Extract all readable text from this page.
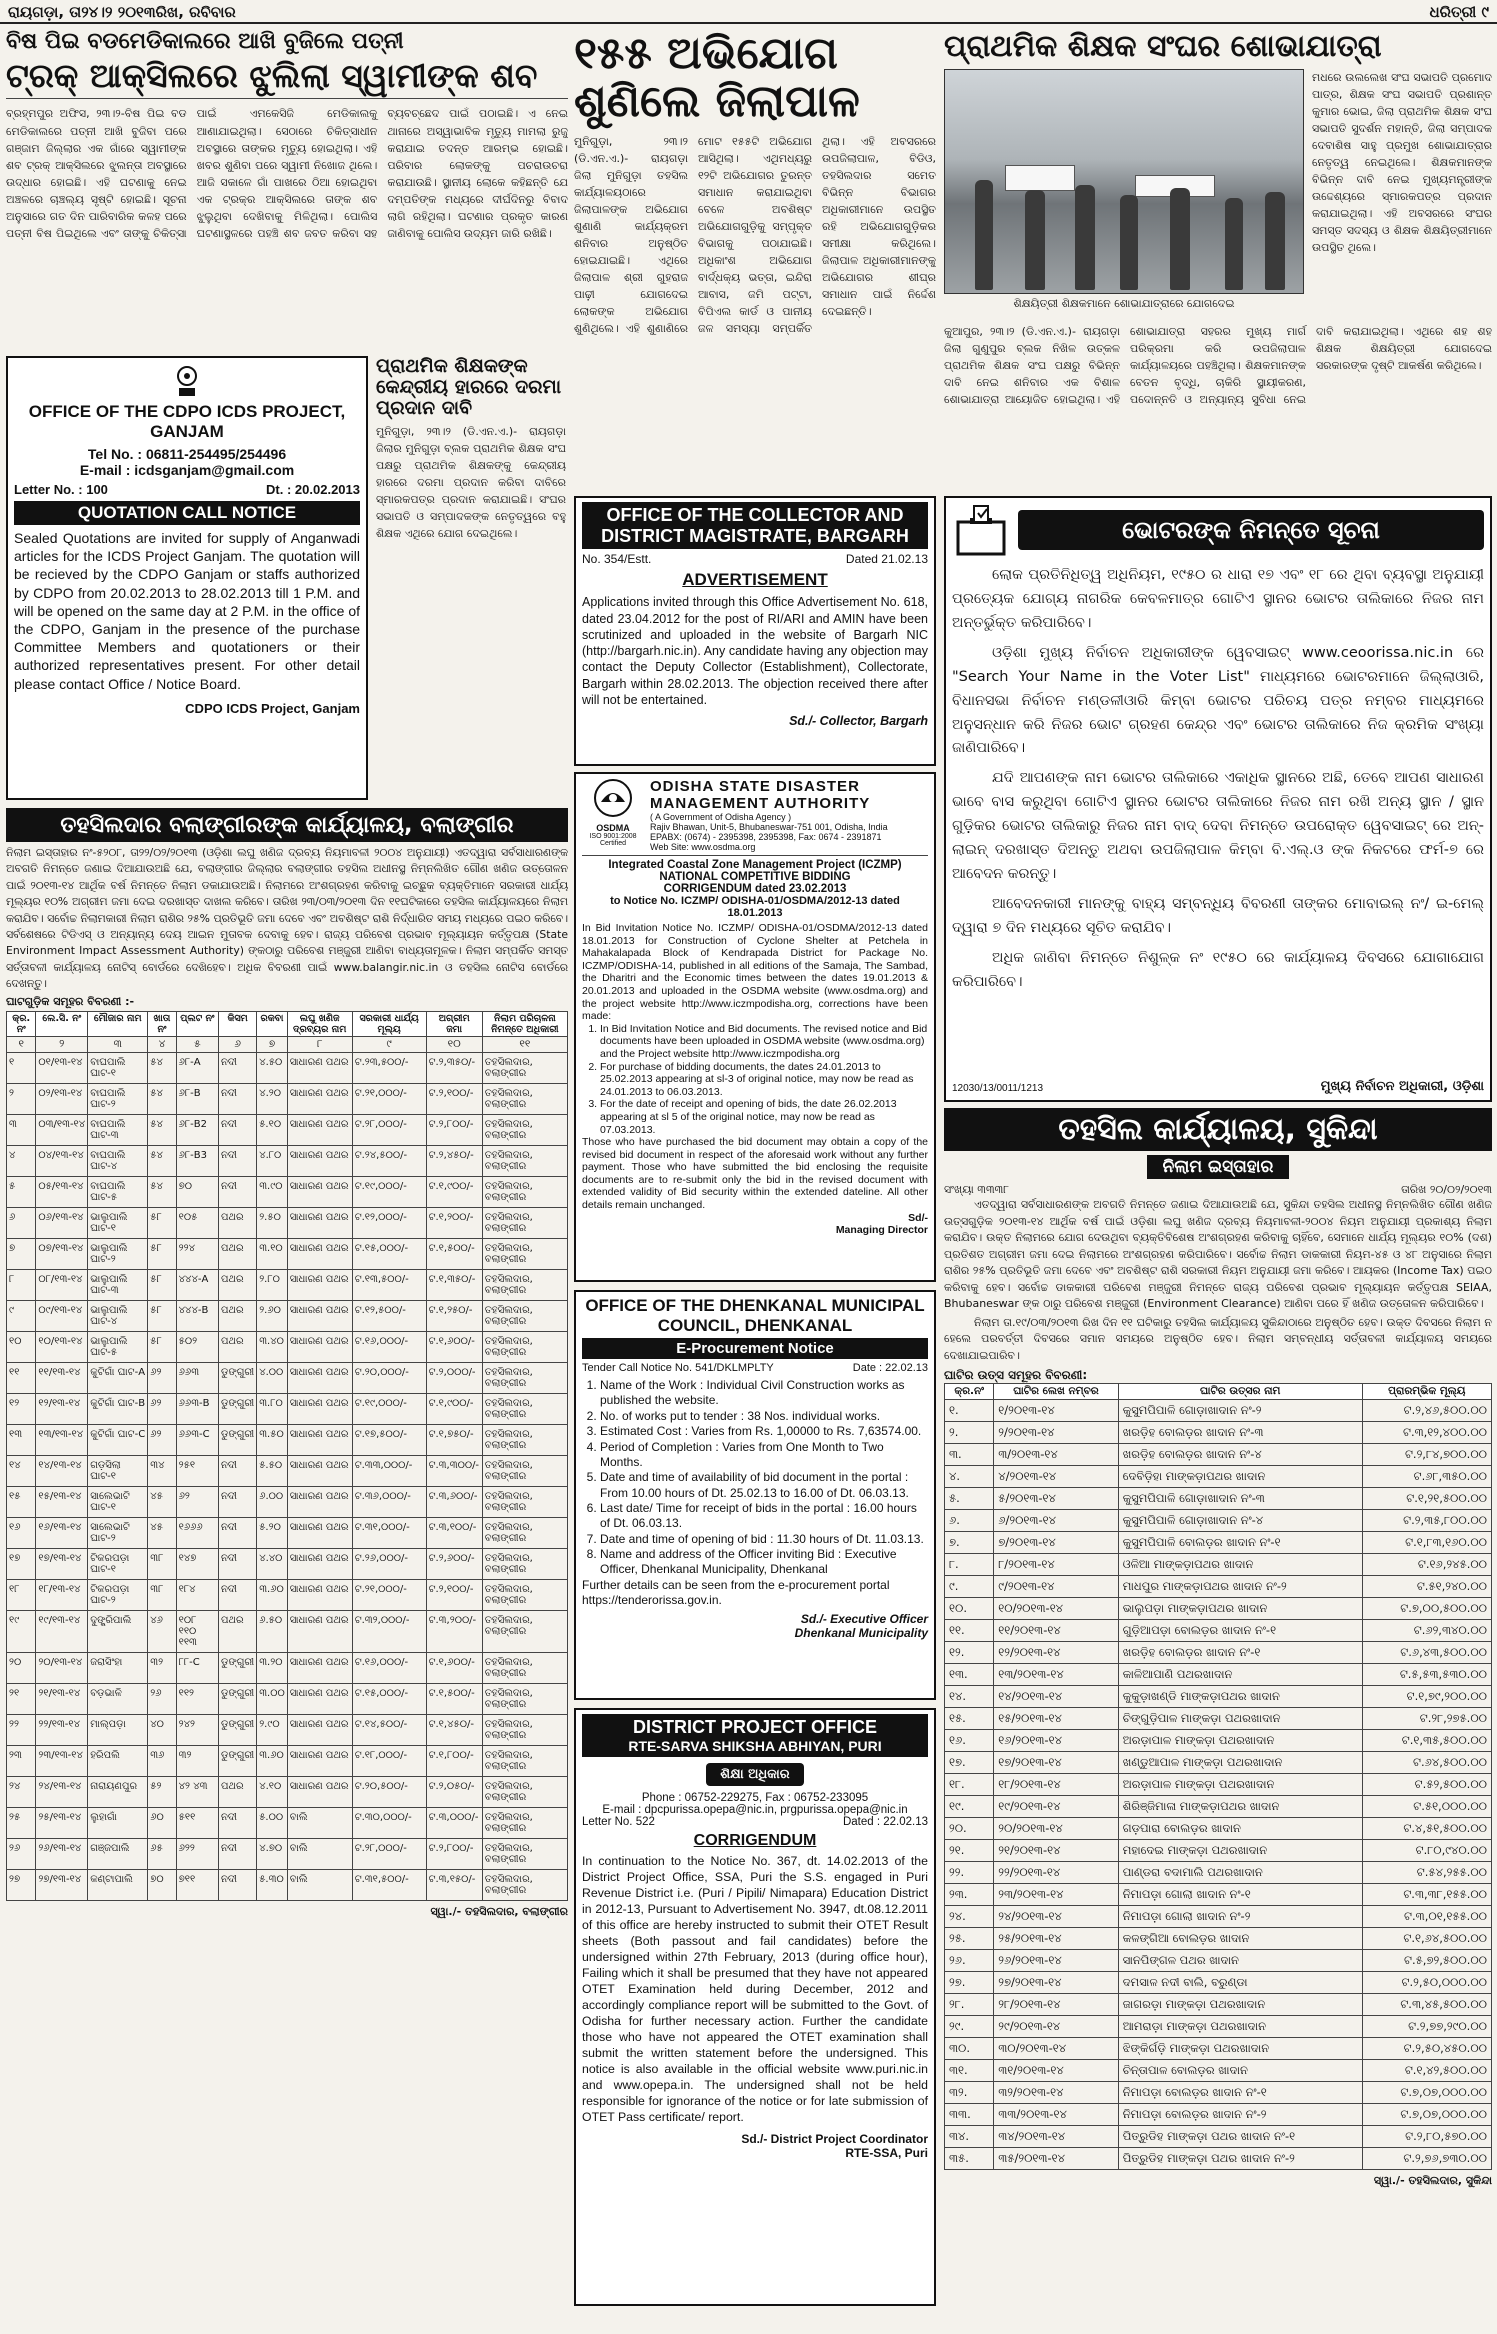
ରାୟଗଡ଼ା, ତା୨୪।୨ ୨୦୧୩ରିଖ, ରବିବାର	ଧରିତ୍ରୀ ୯
ବିଷ ପିଇ ବଡମେଡିକାଲରେ ଆଖି ବୁଜିଲେ ପତ୍ନୀ
ଟ୍ରକ୍ ଆକ୍ସିଲରେ ଝୁଲିଲା ସ୍ୱାମୀଙ୍କ ଶବ
ବ୍ରହ୍ମପୁର ଅଫିସ, ୨୩।୨-ବିଷ ପିଇ ବଡ ମେଡିକାଲରେ ପତ୍ନୀ ଆଖି ବୁଜିବା ପରେ ଗଞ୍ଜାମ ଜିଲ୍ଲାର ଏକ ଗାଁରେ ସ୍ୱାମୀଙ୍କ ଶବ ଟ୍ରକ୍ ଆକ୍ସିଲରେ ଝୁଲନ୍ତା ଅବସ୍ଥାରେ ଉଦ୍ଧାର ହୋଇଛି। ଏହି ଘଟଣାକୁ ନେଇ ଅଞ୍ଚଳରେ ଚାଞ୍ଚଲ୍ୟ ସୃଷ୍ଟି ହୋଇଛି। ସୂଚନା ଅନୁସାରେ ଗତ ଦିନ ପାରିବାରିକ କଳହ ପରେ ପତ୍ନୀ ବିଷ ପିଇଥିଲେ ଏବଂ ତାଙ୍କୁ ଚିକିତ୍ସା ପାଇଁ ଏମକେସିଜି ମେଡିକାଲକୁ ଆଣାଯାଇଥିଲା। ସେଠାରେ ଚିକିତ୍ସାଧୀନ ଅବସ୍ଥାରେ ତାଙ୍କର ମୃତ୍ୟୁ ହୋଇଥିଲା। ଏହି ଖବର ଶୁଣିବା ପରେ ସ୍ୱାମୀ ନିଖୋଜ ଥିଲେ। ଆଜି ସକାଳେ ଗାଁ ପାଖରେ ଠିଆ ହୋଇଥିବା ଏକ ଟ୍ରକ୍‌ର ଆକ୍ସିଲରେ ତାଙ୍କ ଶବ ଝୁଲୁଥିବା ଦେଖିବାକୁ ମିଳିଥିଲା। ପୋଲିସ ଘଟଣାସ୍ଥଳରେ ପହଞ୍ଚି ଶବ ଜବତ କରିବା ସହ ବ୍ୟବଚ୍ଛେଦ ପାଇଁ ପଠାଇଛି। ଏ ନେଇ ଥାନାରେ ଅସ୍ୱାଭାବିକ ମୃତ୍ୟୁ ମାମଲା ରୁଜୁ କରାଯାଇ ତଦନ୍ତ ଆରମ୍ଭ ହୋଇଛି। ପରିବାର ଲୋକଙ୍କୁ ପଚରାଉଚରା କରାଯାଉଛି। ସ୍ଥାନୀୟ ଲୋକେ କହିଛନ୍ତି ଯେ ଦମ୍ପତିଙ୍କ ମଧ୍ୟରେ ଦୀର୍ଘଦିନରୁ ବିବାଦ ଲାଗି ରହିଥିଲା। ଘଟଣାର ପ୍ରକୃତ କାରଣ ଜାଣିବାକୁ ପୋଲିସ ଉଦ୍ୟମ ଜାରି ରଖିଛି।
OFFICE OF THE CDPO ICDS PROJECT, GANJAM
Tel No. : 06811-254495/254496
E-mail : icdsganjam@gmail.com
Letter No. : 100	Dt. : 20.02.2013
QUOTATION CALL NOTICE
Sealed Quotations are invited for supply of Anganwadi articles for the ICDS Project Ganjam. The quotation will be recieved by the CDPO Ganjam or staffs authorized by CDPO from 20.02.2013 to 28.02.2013 till 1 P.M. and will be opened on the same day at 2 P.M. in the office of the CDPO, Ganjam in the presence of the purchase Committee Members and quotationers or their authorized representatives present. For other detail please contact Office / Notice Board.
CDPO ICDS Project, Ganjam
ପ୍ରାଥମିକ ଶିକ୍ଷକଙ୍କ କେନ୍ଦ୍ରୀୟ ହାରରେ ଦରମା ପ୍ରଦାନ ଦାବି
ମୁନିଗୁଡ଼ା, ୨୩।୨ (ଡି.ଏନ.ଏ.)- ରାୟଗଡ଼ା ଜିଲାର ମୁନିଗୁଡ଼ା ବ୍ଲକ ପ୍ରାଥମିକ ଶିକ୍ଷକ ସଂଘ ପକ୍ଷରୁ ପ୍ରାଥମିକ ଶିକ୍ଷକଙ୍କୁ କେନ୍ଦ୍ରୀୟ ହାରରେ ଦରମା ପ୍ରଦାନ କରିବା ଦାବିରେ ସ୍ମାରକପତ୍ର ପ୍ରଦାନ କରାଯାଇଛି। ସଂଘର ସଭାପତି ଓ ସମ୍ପାଦକଙ୍କ ନେତୃତ୍ୱରେ ବହୁ ଶିକ୍ଷକ ଏଥିରେ ଯୋଗ ଦେଇଥିଲେ।
୧୫୫ ଅଭିଯୋଗ
ଶୁଣିଲେ ଜିଲାପାଳ
ମୁନିଗୁଡ଼ା, ୨୩।୨ (ଡି.ଏନ.ଏ.)- ରାୟଗଡ଼ା ଜିଲା ମୁନିଗୁଡ଼ା ତହସିଲ କାର୍ଯ୍ୟାଳୟଠାରେ ଜିଲାପାଳଙ୍କ ଅଭିଯୋଗ ଶୁଣାଣି କାର୍ଯ୍ୟକ୍ରମ ଶନିବାର ଅନୁଷ୍ଠିତ ହୋଇଯାଇଛି। ଏଥିରେ ଜିଲାପାଳ ଶ୍ରୀ ଗୁହରାଜ ପାଢ଼ୀ ଯୋଗଦେଇ ଲୋକଙ୍କ ଅଭିଯୋଗ ଶୁଣିଥିଲେ। ଏହି ଶୁଣାଣିରେ ମୋଟ ୧୫୫ଟି ଅଭିଯୋଗ ଆସିଥିଲା। ଏଥିମଧ୍ୟରୁ ୧୨ଟି ଅଭିଯୋଗର ତୁରନ୍ତ ସମାଧାନ କରାଯାଇଥିବା ବେଳେ ଅବଶିଷ୍ଟ ଅଭିଯୋଗଗୁଡ଼ିକୁ ସମ୍ପୃକ୍ତ ବିଭାଗକୁ ପଠାଯାଇଛି। ଅଧିକାଂଶ ଅଭିଯୋଗ ବାର୍ଦ୍ଧକ୍ୟ ଭତ୍ତା, ଇନ୍ଦିରା ଆବାସ, ଜମି ପଟ୍ଟା, ବିପିଏଲ କାର୍ଡ ଓ ପାନୀୟ ଜଳ ସମସ୍ୟା ସମ୍ପର୍କିତ ଥିଲା। ଏହି ଅବସରରେ ଉପଜିଲାପାଳ, ବିଡିଓ, ତହସିଲଦାର ସମେତ ବିଭିନ୍ନ ବିଭାଗର ଅଧିକାରୀମାନେ ଉପସ୍ଥିତ ରହି ଅଭିଯୋଗଗୁଡ଼ିକର ସମୀକ୍ଷା କରିଥିଲେ। ଜିଲାପାଳ ଅଧିକାରୀମାନଙ୍କୁ ଅଭିଯୋଗର ଶୀଘ୍ର ସମାଧାନ ପାଇଁ ନିର୍ଦ୍ଦେଶ ଦେଇଛନ୍ତି।
ପ୍ରାଥମିକ ଶିକ୍ଷକ ସଂଘର ଶୋଭାଯାତ୍ରା
ଶିକ୍ଷୟିତ୍ରୀ ଶିକ୍ଷକମାନେ ଶୋଭାଯାତ୍ରାରେ ଯୋଗଦେଇ
ମଧରେ ଉଲଲେଖ ସଂଘ ସଭାପତି ପ୍ରମୋଦ ପାତ୍ର, ଶିକ୍ଷକ ସଂଘ ସଭାପତି ପ୍ରଶାନ୍ତ କୁମାର ଭୋଇ, ଜିଲା ପ୍ରାଥମିକ ଶିକ୍ଷକ ସଂଘ ସଭାପତି ସୁଦର୍ଶନ ମହାନ୍ତି, ଜିଲା ସମ୍ପାଦକ ଦେବାଶିଷ ସାହୁ ପ୍ରମୁଖ ଶୋଭାଯାତ୍ରାର ନେତୃତ୍ୱ ନେଇଥିଲେ। ଶିକ୍ଷକମାନଙ୍କ ବିଭିନ୍ନ ଦାବି ନେଇ ମୁଖ୍ୟମନ୍ତ୍ରୀଙ୍କ ଉଦ୍ଦେଶ୍ୟରେ ସ୍ମାରକପତ୍ର ପ୍ରଦାନ କରାଯାଇଥିଲା। ଏହି ଅବସରରେ ସଂଘର ସମସ୍ତ ସଦସ୍ୟ ଓ ଶିକ୍ଷକ ଶିକ୍ଷୟିତ୍ରୀମାନେ ଉପସ୍ଥିତ ଥିଲେ।
କୁଆପୁର, ୨୩।୨ (ଡି.ଏନ.ଏ.)- ରାୟଗଡ଼ା ଜିଲା ଗୁଣୁପୁର ବ୍ଲକ ନିଖିଳ ଉତ୍କଳ ପ୍ରାଥମିକ ଶିକ୍ଷକ ସଂଘ ପକ୍ଷରୁ ବିଭିନ୍ନ ଦାବି ନେଇ ଶନିବାର ଏକ ବିଶାଳ ଶୋଭାଯାତ୍ରା ଆୟୋଜିତ ହୋଇଥିଲା। ଏହି ଶୋଭାଯାତ୍ରା ସହରର ମୁଖ୍ୟ ମାର୍ଗ ପରିକ୍ରମା କରି ଉପଜିଲାପାଳ କାର୍ଯ୍ୟାଳୟରେ ପହଞ୍ଚିଥିଲା। ଶିକ୍ଷକମାନଙ୍କ ବେତନ ବୃଦ୍ଧି, ଚାକିରି ସ୍ଥାୟୀକରଣ, ପଦୋନ୍ନତି ଓ ଅନ୍ୟାନ୍ୟ ସୁବିଧା ନେଇ ଦାବି କରାଯାଇଥିଲା। ଏଥିରେ ଶହ ଶହ ଶିକ୍ଷକ ଶିକ୍ଷୟିତ୍ରୀ ଯୋଗଦେଇ ସରକାରଙ୍କ ଦୃଷ୍ଟି ଆକର୍ଷଣ କରିଥିଲେ।
OFFICE OF THE COLLECTOR AND DISTRICT MAGISTRATE, BARGARH
No. 354/Estt.	Dated 21.02.13
ADVERTISEMENT
Applications invited through this Office Advertisement No. 618, dated 23.04.2012 for the post of RI/ARI and AMIN have been scrutinized and uploaded in the website of Bargarh NIC (http://bargarh.nic.in). Any candidate having any objection may contact the Deputy Collector (Establishment), Collectorate, Bargarh within 28.02.2013. The objection received there after will not be entertained.
Sd./- Collector, Bargarh
OSDMA
ISO 9001:2008 Certified
ODISHA STATE DISASTER
MANAGEMENT AUTHORITY
( A Government of Odisha Agency )
Rajiv Bhawan, Unit-5, Bhubaneswar-751 001, Odisha, India
EPABX: (0674) - 2395398, 2395398, Fax: 0674 - 2391871
Web Site: www.osdma.org
Integrated Coastal Zone Management Project (ICZMP)
NATIONAL COMPETITIVE BIDDING
CORRIGENDUM dated 23.02.2013
to Notice No. ICZMP/ ODISHA-01/OSDMA/2012-13 dated 18.01.2013
In Bid Invitation Notice No. ICZMP/ ODISHA-01/OSDMA/2012-13 dated 18.01.2013 for Construction of Cyclone Shelter at Petchela in Mahakalapada Block of Kendrapada District for Package No. ICZMP/ODISHA-14, published in all editions of the Samaja, The Sambad, the Dharitri and the Economic times between the dates 19.01.2013 & 20.01.2013 and uploaded in the OSDMA website (www.osdma.org) and the project website http://www.iczmpodisha.org, corrections have been made:
1. In Bid Invitation Notice and Bid documents. The revised notice and Bid documents have been uploaded in OSDMA website (www.osdma.org) and the Project website http://www.iczmpodisha.org
2. For purchase of bidding documents, the dates 24.01.2013 to 25.02.2013 appearing at sl-3 of original notice, may now be read as 24.01.2013 to 06.03.2013.
3. For the date of receipt and opening of bids, the date 26.02.2013 appearing at sl 5 of the original notice, may now be read as 07.03.2013.
Those who have purchased the bid document may obtain a copy of the revised bid document in respect of the aforesaid work without any further payment. Those who have submitted the bid enclosing the requisite documents are to re-submit only the bid in the revised document with extended validity of Bid security within the extended dateline. All other details remain unchanged.
Sd/-
Managing Director
OFFICE OF THE DHENKANAL MUNICIPAL COUNCIL, DHENKANAL
E-Procurement Notice
Tender Call Notice No. 541/DKLMPLTY	Date : 22.02.13
1. Name of the Work : Individual Civil Construction works as published the website.
2. No. of works put to tender : 38 Nos. individual works.
3. Estimated Cost : Varies from Rs. 1,00000 to Rs. 7,63574.00.
4. Period of Completion : Varies from One Month to Two Months.
5. Date and time of availability of bid document in the portal : From 10.00 hours of Dt. 25.02.13 to 16.00 of Dt. 06.03.13.
6. Last date/ Time for receipt of bids in the portal : 16.00 hours of Dt. 06.03.13.
7. Date and time of opening of bid : 11.30 hours of Dt. 11.03.13.
8. Name and address of the Officer inviting Bid : Executive Officer, Dhenkanal Municipality, Dhenkanal
Further details can be seen from the e-procurement portal https://tenderorissa.gov.in.
Sd./- Executive Officer
Dhenkanal Municipality
DISTRICT PROJECT OFFICE
RTE-SARVA SHIKSHA ABHIYAN, PURI
ଶିକ୍ଷା ଅଧିକାର
Phone : 06752-229275, Fax : 06752-233095
E-mail : dpcpurissa.opepa@nic.in, prgpurissa.opepa@nic.in
Letter No. 522	Dated : 22.02.13
CORRIGENDUM
In continuation to the Notice No. 367, dt. 14.02.2013 of the District Project Office, SSA, Puri the S.S. engaged in Puri Revenue District i.e. (Puri / Pipili/ Nimapara) Education District in 2012-13, Pursuant to Advertisement No. 3947, dt.08.12.2011 of this office are hereby instructed to submit their OTET Result sheets (Both passout and fail candidates) before the undersigned within 27th February, 2013 (during office hour), Failing which it shall be presumed that they have not appeared OTET Examination held during December, 2012 and accordingly compliance report will be submitted to the Govt. of Odisha for further necessary action. Further the candidate those who have not appeared the OTET examination shall submit the written statement before the undersigned. This notice is also available in the official website www.puri.nic.in and www.opepa.in. The undersigned shall not be held responsible for ignorance of the notice or for late submission of OTET Pass certificate/ report.
Sd./- District Project Coordinator
RTE-SSA, Puri
ଭୋଟରଙ୍କ ନିମନ୍ତେ ସୂଚନା
ଲୋକ ପ୍ରତିନିଧିତ୍ୱ ଅଧିନିୟମ, ୧୯୫୦ ର ଧାରା ୧୭ ଏବଂ ୧୮ ରେ ଥିବା ବ୍ୟବସ୍ଥା ଅନୁଯାୟୀ ପ୍ରତ୍ୟେକ ଯୋଗ୍ୟ ନାଗରିକ କେବଳମାତ୍ର ଗୋଟିଏ ସ୍ଥାନର ଭୋଟର ତାଲିକାରେ ନିଜର ନାମ ଅନ୍ତର୍ଭୁକ୍ତ କରିପାରିବେ।
ଓଡ଼ିଶା ମୁଖ୍ୟ ନିର୍ବାଚନ ଅଧିକାରୀଙ୍କ ୱେବସାଇଟ୍ www.ceoorissa.nic.in ରେ "Search Your Name in the Voter List" ମାଧ୍ୟମରେ ଭୋଟରମାନେ ଜିଲ୍ଲାଓାରି, ବିଧାନସଭା ନିର୍ବାଚନ ମଣ୍ଡଳୀଓାରି କିମ୍ବା ଭୋଟର ପରିଚୟ ପତ୍ର ନମ୍ବର ମାଧ୍ୟମରେ ଅନୁସନ୍ଧାନ କରି ନିଜର ଭୋଟ ଗ୍ରହଣ କେନ୍ଦ୍ର ଏବଂ ଭୋଟର ତାଲିକାରେ ନିଜ କ୍ରମିକ ସଂଖ୍ୟା ଜାଣିପାରିବେ।
ଯଦି ଆପଣଙ୍କ ନାମ ଭୋଟର ତାଲିକାରେ ଏକାଧିକ ସ୍ଥାନରେ ଅଛି, ତେବେ ଆପଣ ସାଧାରଣ ଭାବେ ବାସ କରୁଥିବା ଗୋଟିଏ ସ୍ଥାନର ଭୋଟର ତାଲିକାରେ ନିଜର ନାମ ରଖି ଅନ୍ୟ ସ୍ଥାନ / ସ୍ଥାନ ଗୁଡ଼ିକର ଭୋଟର ତାଲିକାରୁ ନିଜର ନାମ ବାଦ୍ ଦେବା ନିମନ୍ତେ ଉପରୋକ୍ତ ୱେବସାଇଟ୍ ରେ ଅନ୍-ଲାଇନ୍ ଦରଖାସ୍ତ ଦିଅନ୍ତୁ ଅଥବା ଉପଜିଲାପାଳ କିମ୍ବା ବି.ଏଲ୍.ଓ ଙ୍କ ନିକଟରେ ଫର୍ମ-୭ ରେ ଆବେଦନ କରନ୍ତୁ।
ଆବେଦନକାରୀ ମାନଙ୍କୁ ବାହ୍ୟ ସମ୍ବନ୍ଧିୟ ବିବରଣୀ ତାଙ୍କର ମୋବାଇଲ୍ ନଂ/ ଇ-ମେଲ୍ ଦ୍ୱାରା ୭ ଦିନ ମଧ୍ୟରେ ସୂଚିତ କରାଯିବ।
ଅଧିକ ଜାଣିବା ନିମନ୍ତେ ନିଶୁଳ୍କ ନଂ ୧୯୫୦ ରେ କାର୍ଯ୍ୟାଳୟ ଦିବସରେ ଯୋଗାଯୋଗ କରିପାରିବେ।
12030/13/0011/1213	ମୁଖ୍ୟ ନିର୍ବାଚନ ଅଧିକାରୀ, ଓଡ଼ିଶା
ତହସିଲ କାର୍ଯ୍ୟାଳୟ, ସୁକିନ୍ଦା
ନିଲାମ ଇସ୍ତାହାର
ସଂଖ୍ୟା ୩୩୩୮	ତାରିଖ ୨୦/୦୨/୨୦୧୩
ଏତଦ୍ୱାରା ସର୍ବସାଧାରଣଙ୍କ ଅବଗତି ନିମନ୍ତେ ଜଣାଇ ଦିଆଯାଉଅଛି ଯେ, ସୁକିନ୍ଦା ତହସିଲ ଅଧୀନସ୍ଥ ନିମ୍ନଲିଖିତ ଗୌଣ ଖଣିଜ ଉତ୍ସଗୁଡ଼ିକ ୨୦୧୩-୧୪ ଆର୍ଥିକ ବର୍ଷ ପାଇଁ ଓଡ଼ିଶା ଲଘୁ ଖଣିଜ ଦ୍ରବ୍ୟ ନିୟମାବଳୀ-୨୦୦୪ ନିୟମ ଅନୁଯାୟୀ ପ୍ରକାଶ୍ୟ ନିଲାମ କରାଯିବ। ଉକ୍ତ ନିଲାମରେ ଯୋଗ ଦେଉଥିବା ବ୍ୟକ୍ତିବିଶେଷ ଅଂଶଗ୍ରହଣ କରିବାକୁ ଚାହିଁବେ, ସେମାନେ ଧାର୍ଯ୍ୟ ମୂଲ୍ୟର ୧୦% (ଦଶ) ପ୍ରତିଶତ ଅଗ୍ରୀମ ଜମା ଦେଇ ନିଲାମରେ ଅଂଶଗ୍ରହଣ କରିପାରିବେ। ସର୍ବୋଚ୍ଚ ନିଲାମ ଡାକକାରୀ ନିୟମ-୪୫ ଓ ୪୮ ଅନୁସାରେ ନିଲାମ ରାଶିର ୨୫% ପ୍ରତିଭୂତି ଜମା ଦେବେ ଏବଂ ଅବଶିଷ୍ଟ ରାଶି ସରକାରୀ ନିୟମ ଅନୁଯାୟୀ ଜମା କରିବେ। ଆୟକର (Income Tax) ପଇଠ କରିବାକୁ ହେବ। ସର୍ବୋଚ୍ଚ ଡାକକାରୀ ପରିବେଶ ମଞ୍ଜୁରୀ ନିମନ୍ତେ ରାଜ୍ୟ ପରିବେଶ ପ୍ରଭାବ ମୂଲ୍ୟାୟନ କର୍ତ୍ତୃପକ୍ଷ SEIAA, Bhubaneswar ଙ୍କ ଠାରୁ ପରିବେଶ ମଞ୍ଜୁରୀ (Environment Clearance) ଆଣିବା ପରେ ହିଁ ଖଣିଜ ଉତ୍ତୋଳନ କରିପାରିବେ।
ନିଲାମ ତା.୧୯/୦୩/୨୦୧୩ ରିଖ ଦିନ ୧୧ ଘଟିକାରୁ ତହସିଲ କାର୍ଯ୍ୟାଳୟ ସୁକିନ୍ଦାଠାରେ ଅନୁଷ୍ଠିତ ହେବ। ଉକ୍ତ ଦିବସରେ ନିଲାମ ନ ହେଲେ ପରବର୍ତ୍ତୀ ଦିବସରେ ସମାନ ସମୟରେ ଅନୁଷ୍ଠିତ ହେବ। ନିଲାମ ସମ୍ବନ୍ଧୀୟ ସର୍ତ୍ତାବଳୀ କାର୍ଯ୍ୟାଳୟ ସମୟରେ ଦେଖାଯାଇପାରିବ।
ଘାଟିର ଉତ୍ସ ସମୂହର ବିବରଣୀ:
କ୍ର.ନଂ	ଘାଟିର ଲେଖ ନମ୍ବର	ଘାଟିର ଉତ୍ସର ନାମ	ପ୍ରାରମ୍ଭିକ ମୂଲ୍ୟ
୧.	୧/୨୦୧୩-୧୪	କୁସୁମପିପାଳି ଗୋଡ଼ାଖାଦାନ ନଂ-୨	ଟ.୨,୪୬,୫୦୦.୦୦
୨.	୨/୨୦୧୩-୧୪	ଖରଡ଼ିହ ବୋଲଡ଼ର ଖାଦାନ ନଂ-୩	ଟ.୩,୧୨,୪୦୦.୦୦
୩.	୩/୨୦୧୩-୧୪	ଖରଡ଼ିହ ବୋଲଡ଼ର ଖାଦାନ ନଂ-୪	ଟ.୨,୮୪,୭୦୦.୦୦
୪.	୪/୨୦୧୩-୧୪	ଦେବିଡ଼ିହା ମାଙ୍କଡ଼ାପଥର ଖାଦାନ	ଟ.୬୮,୩୫୦.୦୦
୫.	୫/୨୦୧୩-୧୪	କୁସୁମପିପାଳି ଗୋଡ଼ାଖାଦାନ ନଂ-୩	ଟ.୧,୨୧,୫୦୦.୦୦
୬.	୬/୨୦୧୩-୧୪	କୁସୁମପିପାଳି ଗୋଡ଼ାଖାଦାନ ନଂ-୪	ଟ.୨,୩୫,୮୦୦.୦୦
୭.	୭/୨୦୧୩-୧୪	କୁସୁମପିପାଳି ବୋଲଡ଼ର ଖାଦାନ ନଂ-୧	ଟ.୧,୮୩,୧୬୦.୦୦
୮.	୮/୨୦୧୩-୧୪	ଓଳିଆ ମାଙ୍କଡ଼ାପଥର ଖାଦାନ	ଟ.୧୬,୨୪୫.୦୦
୯.	୯/୨୦୧୩-୧୪	ମାଧପୁର ମାଙ୍କଡ଼ାପଥର ଖାଦାନ ନଂ-୨	ଟ.୫୧,୨୪୦.୦୦
୧୦.	୧୦/୨୦୧୩-୧୪	ଭାଲୁପଡ଼ା ମାଙ୍କଡ଼ାପଥର ଖାଦାନ	ଟ.୭,୦୦,୫୦୦.୦୦
୧୧.	୧୧/୨୦୧୩-୧୪	ଗୁଡ଼ିଆପଡ଼ା ବୋଲଡ଼ର ଖାଦାନ ନଂ-୧	ଟ.୬୨,୩୪୦.୦୦
୧୨.	୧୨/୨୦୧୩-୧୪	ଖରଡ଼ିହ ବୋଲଡ଼ର ଖାଦାନ ନଂ-୧	ଟ.୬,୪୩,୫୦୦.୦୦
୧୩.	୧୩/୨୦୧୩-୧୪	କାଳିଆପାଣି ପଥରଖାଦାନ	ଟ.୫,୫୩,୫୩୦.୦୦
୧୪.	୧୪/୨୦୧୩-୧୪	କୁକୁଡ଼ାଖଣ୍ଡି ମାଙ୍କଡ଼ାପଥର ଖାଦାନ	ଟ.୧,୭୯,୨୦୦.୦୦
୧୫.	୧୫/୨୦୧୩-୧୪	ଚିଙ୍ଗୁଡ଼ିପାଳ ମାଙ୍କଡ଼ା ପଥରଖାଦାନ	ଟ.୨୮,୨୭୫.୦୦
୧୬.	୧୬/୨୦୧୩-୧୪	ଅରଡ଼ାପାଳ ମାଙ୍କଡ଼ା ପଥରଖାଦାନ	ଟ.୧,୩୫,୫୦୦.୦୦
୧୭.	୧୭/୨୦୧୩-୧୪	ଖଣ୍ଡୁଆପାଳ ମାଙ୍କଡ଼ା ପଥରଖାଦାନ	ଟ.୬୪,୫୦୦.୦୦
୧୮.	୧୮/୨୦୧୩-୧୪	ଅରଡ଼ାପାଳ ମାଙ୍କଡ଼ା ପଥରଖାଦାନ	ଟ.୫୨,୫୦୦.୦୦
୧୯.	୧୯/୨୦୧୩-୧୪	ଶିରିଞ୍ଜିମାଳା ମାଙ୍କଡ଼ାପଥର ଖାଦାନ	ଟ.୫୧,୦୦୦.୦୦
୨୦.	୨୦/୨୦୧୩-୧୪	ଗଡ଼ପାରା ବୋଲଡ଼ର ଖାଦାନ	ଟ.୪,୫୧,୫୦୦.୦୦
୨୧.	୨୧/୨୦୧୩-୧୪	ମହାଦେଇ ମାଙ୍କଡ଼ା ପଥରଖାଦାନ	ଟ.୮୦,୯୪୦.୦୦
୨୨.	୨୨/୨୦୧୩-୧୪	ପାଣ୍ଡରା ବଦାମାଲି ପଥରଖାଦାନ	ଟ.୫୪,୨୫୫.୦୦
୨୩.	୨୩/୨୦୧୩-୧୪	ନିମାପଡ଼ା ଗୋଲା ଖାଦାନ ନଂ-୧	ଟ.୩,୩୮,୧୫୫.୦୦
୨୪.	୨୪/୨୦୧୩-୧୪	ନିମାପଡ଼ା ଗୋଲା ଖାଦାନ ନଂ-୨	ଟ.୩,୦୧,୧୫୫.୦୦
୨୫.	୨୫/୨୦୧୩-୧୪	କଳଙ୍ଗିଆ ବୋଲଡ଼ର ଖାଦାନ	ଟ.୧,୬୪,୫୦୦.୦୦
୨୬.	୨୬/୨୦୧୩-୧୪	ସାନପିଙ୍ଗଳ ପଥର ଖାଦାନ	ଟ.୫,୭୨,୫୦୦.୦୦
୨୭.	୨୭/୨୦୧୩-୧୪	ଦମସାଳ ନଦୀ ବାଲି, ବରୁଣ୍ଡା	ଟ.୨,୫୦,୦୦୦.୦୦
୨୮.	୨୮/୨୦୧୩-୧୪	ଜାଗରଡ଼ା ମାଙ୍କଡ଼ା ପଥରଖାଦାନ	ଟ.୩,୪୫,୫୦୦.୦୦
୨୯.	୨୯/୨୦୧୩-୧୪	ଆମରାଡ଼ା ମାଙ୍କଡ଼ା ପଥରଖାଦାନ	ଟ.୨,୭୭,୨୯୦.୦୦
୩୦.	୩୦/୨୦୧୩-୧୪	ଝିଙ୍କିର୍ଗଡ଼ି ମାଙ୍କଡ଼ା ପଥରଖାଦାନ	ଟ.୨,୫୦,୪୫୦.୦୦
୩୧.	୩୧/୨୦୧୩-୧୪	ଚିନ୍ତାପାଳ ବୋଲଡ଼ର ଖାଦାନ	ଟ.୧,୪୨,୫୦୦.୦୦
୩୨.	୩୨/୨୦୧୩-୧୪	ନିମାପଡ଼ା ବୋଲଡ଼ର ଖାଦାନ ନଂ-୧	ଟ.୭,୦୭,୦୦୦.୦୦
୩୩.	୩୩/୨୦୧୩-୧୪	ନିମାପଡ଼ା ବୋଲଡ଼ର ଖାଦାନ ନଂ-୨	ଟ.୭,୦୭,୦୦୦.୦୦
୩୪.	୩୪/୨୦୧୩-୧୪	ପିତ୍ରୁଡିହ ମାଙ୍କଡ଼ା ପଥର ଖାଦାନ ନଂ-୧	ଟ.୨,୮୦,୫୭୦.୦୦
୩୫.	୩୫/୨୦୧୩-୧୪	ପିତ୍ରୁଡିହ ମାଙ୍କଡ଼ା ପଥର ଖାଦାନ ନଂ-୨	ଟ.୨,୭୬,୭୩୦.୦୦
ସ୍ୱା./- ତହସିଲଦାର, ସୁକିନ୍ଦା
ତହସିଲଦାର ବଲାଙ୍ଗୀରଙ୍କ କାର୍ଯ୍ୟାଳୟ, ବଲାଙ୍ଗୀର
ନିଲାମ ଇସ୍ତାହାର ନଂ-୫୨୦୮, ତା୨୨/୦୨/୨୦୧୩ (ଓଡ଼ିଶା ଲଘୁ ଖଣିଜ ଦ୍ରବ୍ୟ ନିୟମାବଳୀ ୨୦୦୪ ଅନୁଯାୟୀ) ଏତଦ୍ୱାରା ସର୍ବସାଧାରଣଙ୍କ ଅବଗତି ନିମନ୍ତେ ଜଣାଇ ଦିଆଯାଉଅଛି ଯେ, ବଲାଙ୍ଗୀର ଜିଲ୍ଲାର ବଲାଙ୍ଗୀର ତହସିଲ ଅଧୀନସ୍ଥ ନିମ୍ନଲିଖିତ ଗୌଣ ଖଣିଜ ଉତ୍ତୋଳନ ପାଇଁ ୨୦୧୩-୧୪ ଆର୍ଥିକ ବର୍ଷ ନିମନ୍ତେ ନିଲାମ ଡକାଯାଉଅଛି। ନିଲାମରେ ଅଂଶଗ୍ରହଣ କରିବାକୁ ଇଚ୍ଛୁକ ବ୍ୟକ୍ତିମାନେ ସରକାରୀ ଧାର୍ଯ୍ୟ ମୂଲ୍ୟର ୧୦% ଅଗ୍ରୀମ ଜମା ଦେଇ ଦରଖାସ୍ତ ଦାଖଲ କରିବେ। ତାରିଖ ୨୩/୦୩/୨୦୧୩ ଦିନ ୧୧ଘଟିକାରେ ତହସିଲ କାର୍ଯ୍ୟାଳୟରେ ନିଲାମ କରାଯିବ। ସର୍ବୋଚ୍ଚ ନିଲାମକାରୀ ନିଲାମ ରାଶିର ୨୫% ପ୍ରତିଭୂତି ଜମା ଦେବେ ଏବଂ ଅବଶିଷ୍ଟ ରାଶି ନିର୍ଦ୍ଧାରିତ ସମୟ ମଧ୍ୟରେ ପଇଠ କରିବେ। ସର୍ବଶେଷରେ ଟିଡିଏସ୍ ଓ ଅନ୍ୟାନ୍ୟ ଦେୟ ଆଇନ ମୁତାବକ ଦେବାକୁ ହେବ। ରାଜ୍ୟ ପରିବେଶ ପ୍ରଭାବ ମୂଲ୍ୟାୟନ କର୍ତ୍ତୃପକ୍ଷ (State Environment Impact Assessment Authority) ଙ୍କଠାରୁ ପରିବେଶ ମଞ୍ଜୁରୀ ଆଣିବା ବାଧ୍ୟତାମୂଳକ। ନିଲାମ ସମ୍ପର୍କିତ ସମସ୍ତ ସର୍ତ୍ତାବଳୀ କାର୍ଯ୍ୟାଳୟ ନୋଟିସ୍ ବୋର୍ଡରେ ଦେଖିହେବ। ଅଧିକ ବିବରଣୀ ପାଇଁ www.balangir.nic.in ଓ ତହସିଲ ନୋଟିସ ବୋର୍ଡରେ ଦେଖନ୍ତୁ।
ଘାଟଗୁଡ଼ିକ ସମୂହର ବିବରଣୀ :-
କ୍ର. ନଂ	ଲେ.ସି. ନଂ	ମୌଜାର ନାମ	ଖାତା ନଂ	ପ୍ଲଟ ନଂ	କିସମ	ରକବା	ଲଘୁ ଖଣିଜ ଦ୍ରବ୍ୟର ନାମ	ସରକାରୀ ଧାର୍ଯ୍ୟ ମୂଲ୍ୟ	ଅଗ୍ରୀମ ଜମା	ନିଲାମ ପରିଚାଳନା ନିମନ୍ତେ ଅଧିକାରୀ
୧	୨	୩	୪	୫	୬	୭	୮	୯	୧୦	୧୧
୧	୦୧/୧୩-୧୪	ବାଘପାଲି ଘାଟ-୧	୫୪	୬୮-A	ନଦୀ	୪.୫୦	ସାଧାରଣ ପଥର	ଟ.୨୩,୫୦୦/-	ଟ.୨,୩୫୦/-	ତହସିଲଦାର, ବଲାଙ୍ଗୀର
୨	୦୨/୧୩-୧୪	ବାଘପାଲି ଘାଟ-୨	୫୪	୬୮-B	ନଦୀ	୪.୨୦	ସାଧାରଣ ପଥର	ଟ.୨୧,୦୦୦/-	ଟ.୨,୧୦୦/-	ତହସିଲଦାର, ବଲାଙ୍ଗୀର
୩	୦୩/୧୩-୧୪	ବାଘପାଲି ଘାଟ-୩	୫୪	୬୮-B2	ନଦୀ	୫.୧୦	ସାଧାରଣ ପଥର	ଟ.୨୮,୦୦୦/-	ଟ.୨,୮୦୦/-	ତହସିଲଦାର, ବଲାଙ୍ଗୀର
୪	୦୪/୧୩-୧୪	ବାଘପାଲି ଘାଟ-୪	୫୪	୬୮-B3	ନଦୀ	୪.୮୦	ସାଧାରଣ ପଥର	ଟ.୨୪,୫୦୦/-	ଟ.୨,୪୫୦/-	ତହସିଲଦାର, ବଲାଙ୍ଗୀର
୫	୦୫/୧୩-୧୪	ବାଘପାଲି ଘାଟ-୫	୫୪	୭୦	ନଦୀ	୩.୯୦	ସାଧାରଣ ପଥର	ଟ.୧୯,୦୦୦/-	ଟ.୧,୯୦୦/-	ତହସିଲଦାର, ବଲାଙ୍ଗୀର
୬	୦୬/୧୩-୧୪	ଭାଲୁପାଲି ଘାଟ-୧	୫୮	୧୦୫	ପଥର	୨.୫୦	ସାଧାରଣ ପଥର	ଟ.୧୨,୦୦୦/-	ଟ.୧,୨୦୦/-	ତହସିଲଦାର, ବଲାଙ୍ଗୀର
୭	୦୭/୧୩-୧୪	ଭାଲୁପାଲି ଘାଟ-୨	୫୮	୨୨୪	ପଥର	୩.୧୦	ସାଧାରଣ ପଥର	ଟ.୧୫,୦୦୦/-	ଟ.୧,୫୦୦/-	ତହସିଲଦାର, ବଲାଙ୍ଗୀର
୮	୦୮/୧୩-୧୪	ଭାଲୁପାଲି ଘାଟ-୩	୫୮	୪୪୪-A	ପଥର	୨.୮୦	ସାଧାରଣ ପଥର	ଟ.୧୩,୫୦୦/-	ଟ.୧,୩୫୦/-	ତହସିଲଦାର, ବଲାଙ୍ଗୀର
୯	୦୯/୧୩-୧୪	ଭାଲୁପାଲି ଘାଟ-୪	୫୮	୪୪୪-B	ପଥର	୨.୬୦	ସାଧାରଣ ପଥର	ଟ.୧୨,୫୦୦/-	ଟ.୧,୨୫୦/-	ତହସିଲଦାର, ବଲାଙ୍ଗୀର
୧୦	୧୦/୧୩-୧୪	ଭାଲୁପାଲି ଘାଟ-୫	୫୮	୫୦୨	ପଥର	୩.୪୦	ସାଧାରଣ ପଥର	ଟ.୧୬,୦୦୦/-	ଟ.୧,୬୦୦/-	ତହସିଲଦାର, ବଲାଙ୍ଗୀର
୧୧	୧୧/୧୩-୧୪	କୁଟିଗାଁ ଘାଟ-A	୬୨	୬୬୩	ଡୁଙ୍ଗୁରୀ	୪.୦୦	ସାଧାରଣ ପଥର	ଟ.୨୦,୦୦୦/-	ଟ.୨,୦୦୦/-	ତହସିଲଦାର, ବଲାଙ୍ଗୀର
୧୨	୧୨/୧୩-୧୪	କୁଟିଗାଁ ଘାଟ-B	୬୨	୬୬୩-B	ଡୁଙ୍ଗୁରୀ	୩.୮୦	ସାଧାରଣ ପଥର	ଟ.୧୯,୦୦୦/-	ଟ.୧,୯୦୦/-	ତହସିଲଦାର, ବଲାଙ୍ଗୀର
୧୩	୧୩/୧୩-୧୪	କୁଟିଗାଁ ଘାଟ-C	୬୨	୬୬୩-C	ଡୁଙ୍ଗୁରୀ	୩.୫୦	ସାଧାରଣ ପଥର	ଟ.୧୭,୫୦୦/-	ଟ.୧,୭୫୦/-	ତହସିଲଦାର, ବଲାଙ୍ଗୀର
୧୪	୧୪/୧୩-୧୪	ଗଡ଼ସିଲା ଘାଟ-୧	୩୪	୨୫୧	ନଦୀ	୫.୫୦	ସାଧାରଣ ପଥର	ଟ.୩୩,୦୦୦/-	ଟ.୩,୩୦୦/-	ତହସିଲଦାର, ବଲାଙ୍ଗୀର
୧୫	୧୫/୧୩-୧୪	ସାଲେଭାଟି ଘାଟ-୧	୪୫	୬୨	ନଦୀ	୬.୦୦	ସାଧାରଣ ପଥର	ଟ.୩୬,୦୦୦/-	ଟ.୩,୬୦୦/-	ତହସିଲଦାର, ବଲାଙ୍ଗୀର
୧୬	୧୬/୧୩-୧୪	ସାଲେଭାଟି ଘାଟ-୨	୪୫	୧୬୬୬	ନଦୀ	୫.୨୦	ସାଧାରଣ ପଥର	ଟ.୩୧,୦୦୦/-	ଟ.୩,୧୦୦/-	ତହସିଲଦାର, ବଲାଙ୍ଗୀର
୧୭	୧୭/୧୩-୧୪	ଟିକରପଡ଼ା ଘାଟ-୧	୩୮	୧୪୭	ନଦୀ	୪.୪୦	ସାଧାରଣ ପଥର	ଟ.୨୬,୦୦୦/-	ଟ.୨,୬୦୦/-	ତହସିଲଦାର, ବଲାଙ୍ଗୀର
୧୮	୧୮/୧୩-୧୪	ଟିକରପଡ଼ା ଘାଟ-୨	୩୮	୧୮୪	ନଦୀ	୩.୬୦	ସାଧାରଣ ପଥର	ଟ.୨୧,୦୦୦/-	ଟ.୨,୧୦୦/-	ତହସିଲଦାର, ବଲାଙ୍ଗୀର
୧୯	୧୯/୧୩-୧୪	ଦୁଙ୍ଗ୍ରିପାଲି	୪୬	୧୦୮ ୧୧୦ ୧୧୩	ପଥର	୬.୫୦	ସାଧାରଣ ପଥର	ଟ.୩୨,୦୦୦/-	ଟ.୩,୨୦୦/-	ତହସିଲଦାର, ବଲାଙ୍ଗୀର
୨୦	୨୦/୧୩-୧୪	ଜରାସିଂହା	୩୨	୮୮-C	ଡୁଙ୍ଗୁରୀ	୩.୨୦	ସାଧାରଣ ପଥର	ଟ.୧୬,୦୦୦/-	ଟ.୧,୬୦୦/-	ତହସିଲଦାର, ବଲାଙ୍ଗୀର
୨୧	୨୧/୧୩-୧୪	ବଡ଼ଭାଳି	୨୬	୧୧୨	ଡୁଙ୍ଗୁରୀ	୩.୦୦	ସାଧାରଣ ପଥର	ଟ.୧୫,୦୦୦/-	ଟ.୧,୫୦୦/-	ତହସିଲଦାର, ବଲାଙ୍ଗୀର
୨୨	୨୨/୧୩-୧୪	ମାଲ୍ପଡ଼ା	୪୦	୨୪୨	ଡୁଙ୍ଗୁରୀ	୨.୯୦	ସାଧାରଣ ପଥର	ଟ.୧୪,୫୦୦/-	ଟ.୧,୪୫୦/-	ତହସିଲଦାର, ବଲାଙ୍ଗୀର
୨୩	୨୩/୧୩-୧୪	ହରିପଲି	୩୬	୩୨	ଡୁଙ୍ଗୁରୀ	୩.୬୦	ସାଧାରଣ ପଥର	ଟ.୧୮,୦୦୦/-	ଟ.୧,୮୦୦/-	ତହସିଲଦାର, ବଲାଙ୍ଗୀର
୨୪	୨୪/୧୩-୧୪	ନାରାୟଣପୁର	୫୨	୪୨ ୪୩	ପଥର	୪.୧୦	ସାଧାରଣ ପଥର	ଟ.୨୦,୫୦୦/-	ଟ.୨,୦୫୦/-	ତହସିଲଦାର, ବଲାଙ୍ଗୀର
୨୫	୨୫/୧୩-୧୪	ଲୁହାଗାଁ	୬୦	୫୧୧	ନଦୀ	୫.୦୦	ବାଲି	ଟ.୩୦,୦୦୦/-	ଟ.୩,୦୦୦/-	ତହସିଲଦାର, ବଲାଙ୍ଗୀର
୨୬	୨୬/୧୩-୧୪	ଗଞ୍ଜପାଲି	୬୫	୬୨୨	ନଦୀ	୪.୭୦	ବାଲି	ଟ.୨୮,୦୦୦/-	ଟ.୨,୮୦୦/-	ତହସିଲଦାର, ବଲାଙ୍ଗୀର
୨୭	୨୭/୧୩-୧୪	କଣ୍ଟାପାଲି	୭୦	୭୧୧	ନଦୀ	୫.୩୦	ବାଲି	ଟ.୩୧,୫୦୦/-	ଟ.୩,୧୫୦/-	ତହସିଲଦାର, ବଲାଙ୍ଗୀର
ସ୍ୱା./- ତହସିଲଦାର, ବଲାଙ୍ଗୀର
